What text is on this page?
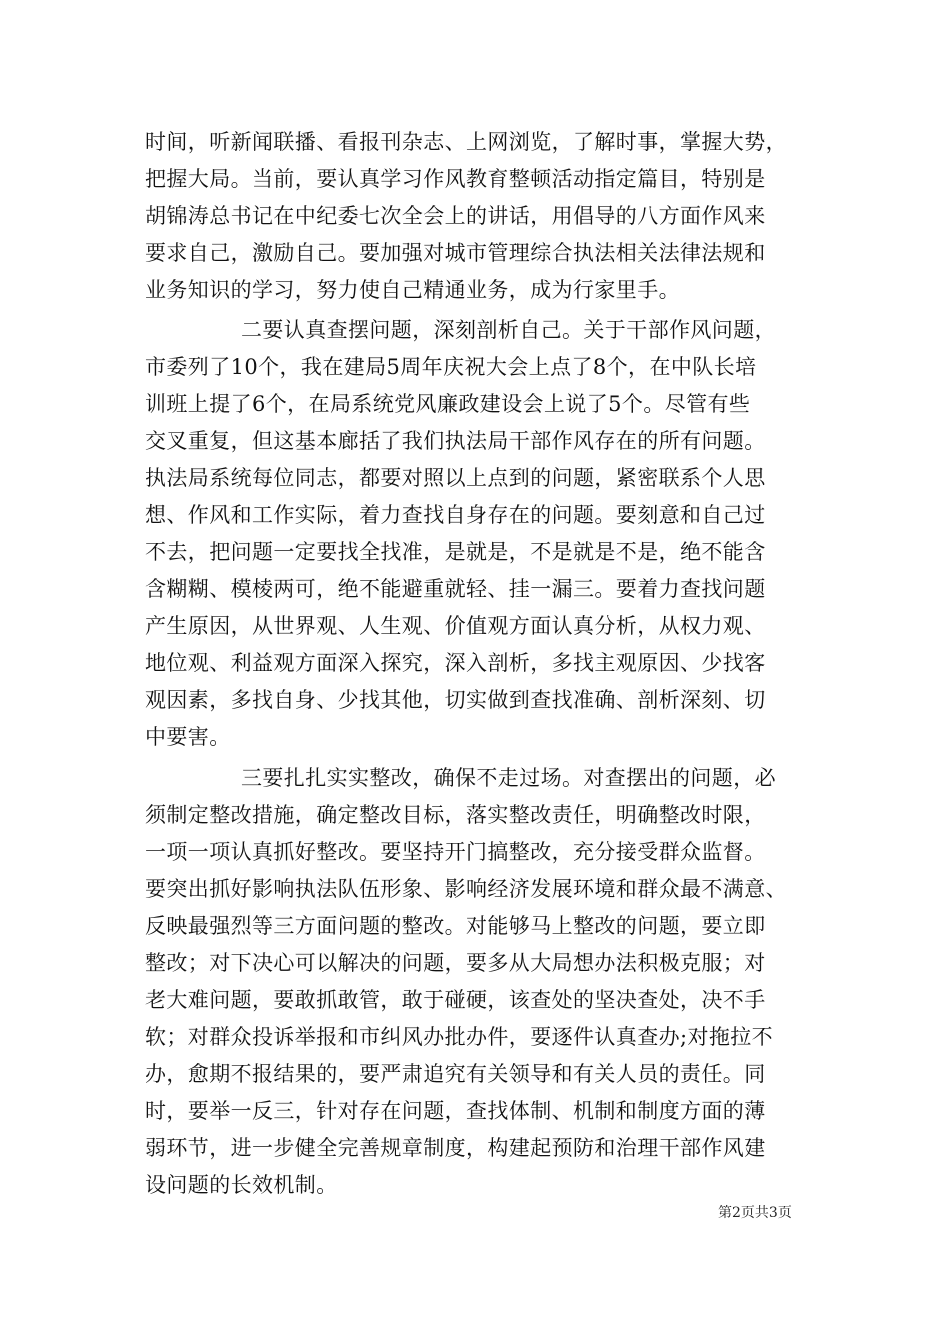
时间，听新闻联播、看报刊杂志、上网浏览，了解时事，掌握大势，
把握大局。当前，要认真学习作风教育整顿活动指定篇目，特别是
胡锦涛总书记在中纪委七次全会上的讲话，用倡导的八方面作风来
要求自己，激励自己。要加强对城市管理综合执法相关法律法规和
业务知识的学习，努力使自己精通业务，成为行家里手。
二要认真查摆问题，深刻剖析自己。关于干部作风问题，
市委列了10个，我在建局5周年庆祝大会上点了8个，在中队长培
训班上提了6个，在局系统党风廉政建设会上说了5个。尽管有些
交叉重复，但这基本廊括了我们执法局干部作风存在的所有问题。
执法局系统每位同志，都要对照以上点到的问题，紧密联系个人思
想、作风和工作实际，着力查找自身存在的问题。要刻意和自己过
不去，把问题一定要找全找准，是就是，不是就是不是，绝不能含
含糊糊、模棱两可，绝不能避重就轻、挂一漏三。要着力查找问题
产生原因，从世界观、人生观、价值观方面认真分析，从权力观、
地位观、利益观方面深入探究，深入剖析，多找主观原因、少找客
观因素，多找自身、少找其他，切实做到查找准确、剖析深刻、切
中要害。
三要扎扎实实整改，确保不走过场。对查摆出的问题，必
须制定整改措施，确定整改目标，落实整改责任，明确整改时限，
一项一项认真抓好整改。要坚持开门搞整改，充分接受群众监督。
要突出抓好影响执法队伍形象、影响经济发展环境和群众最不满意、
反映最强烈等三方面问题的整改。对能够马上整改的问题，要立即
整改；对下决心可以解决的问题，要多从大局想办法积极克服；对
老大难问题，要敢抓敢管，敢于碰硬，该查处的坚决查处，决不手
软；对群众投诉举报和市纠风办批办件，要逐件认真查办;对拖拉不
办，愈期不报结果的，要严肃追究有关领导和有关人员的责任。同
时，要举一反三，针对存在问题，查找体制、机制和制度方面的薄
弱环节，进一步健全完善规章制度，构建起预防和治理干部作风建
设问题的长效机制。
第2页共3页
